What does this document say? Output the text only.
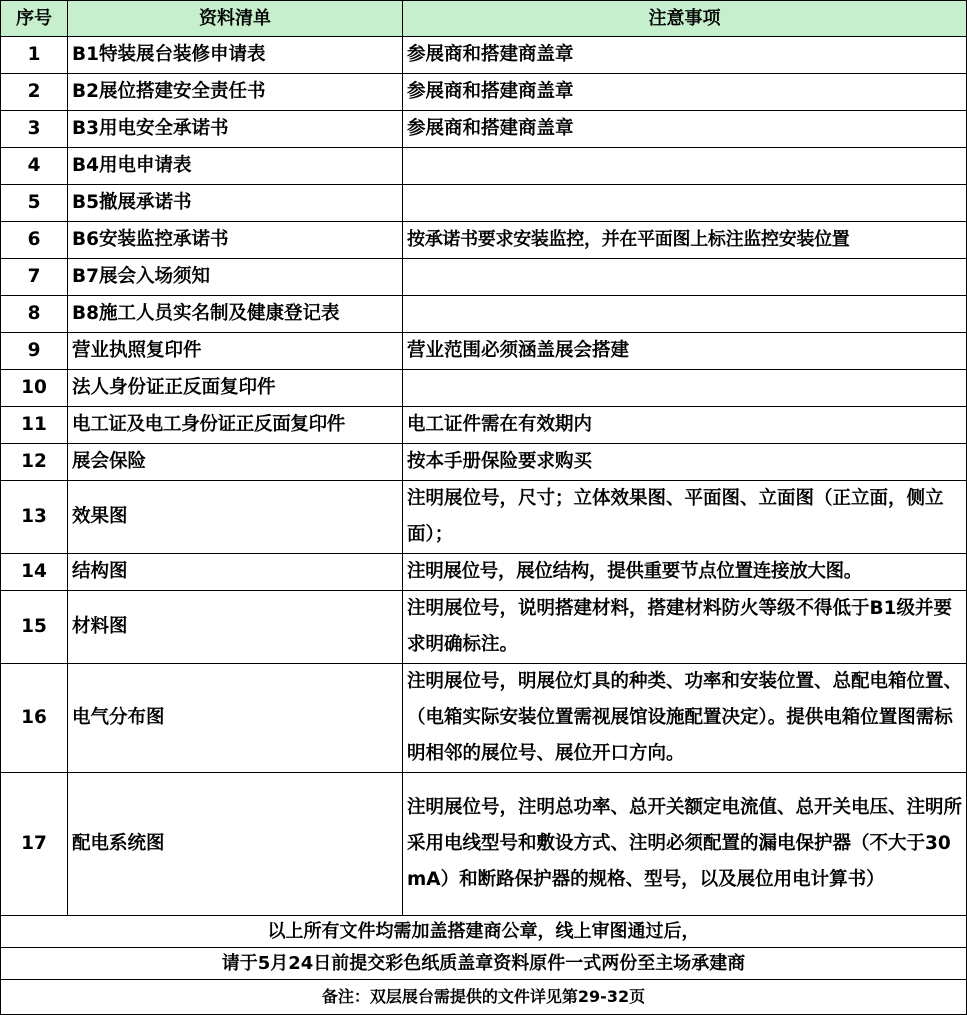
序号	资料清单	注意事项
1	B1特装展台装修申请表	参展商和搭建商盖章
2	B2展位搭建安全责任书	参展商和搭建商盖章
3	B3用电安全承诺书	参展商和搭建商盖章
4	B4用电申请表	
5	B5撤展承诺书	
6	B6安装监控承诺书	按承诺书要求安装监控，并在平面图上标注监控安装位置
7	B7展会入场须知	
8	B8施工人员实名制及健康登记表	
9	营业执照复印件	营业范围必须涵盖展会搭建
10	法人身份证正反面复印件	
11	电工证及电工身份证正反面复印件	电工证件需在有效期内
12	展会保险	按本手册保险要求购买
13	效果图	注明展位号，尺寸；立体效果图、平面图、立面图（正立面，侧立面）；

14	结构图	注明展位号，展位结构，提供重要节点位置连接放大图。
15	材料图	注明展位号，说明搭建材料，搭建材料防火等级不得低于B1级并要求明确标注。

16	电气分布图	注明展位号，明展位灯具的种类、功率和安装位置、总配电箱位置、（电箱实际安装位置需视展馆设施配置决定）。提供电箱位置图需标明相邻的展位号、展位开口方向。

17	配电系统图	注明展位号，注明总功率、总开关额定电流值、总开关电压、注明所采用电线型号和敷设方式、注明必须配置的漏电保护器（不大于30mA）和断路保护器的规格、型号，以及展位用电计算书）

以上所有文件均需加盖搭建商公章，线上审图通过后，		
请于5月24日前提交彩色纸质盖章资料原件一式两份至主场承建商		
备注：双层展台需提供的文件详见第29-32页		
